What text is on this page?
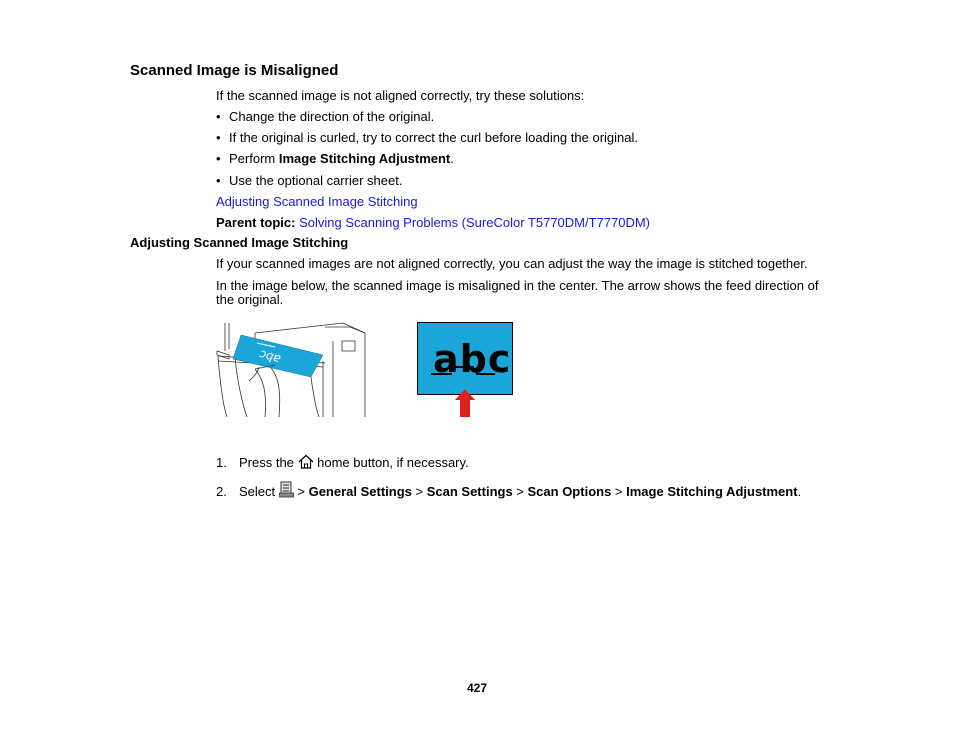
Scanned Image is Misaligned
If the scanned image is not aligned correctly, try these solutions:
• Change the direction of the original.
• If the original is curled, try to correct the curl before loading the original.
• Perform Image Stitching Adjustment.
• Use the optional carrier sheet.
Adjusting Scanned Image Stitching
Parent topic: Solving Scanning Problems (SureColor T5770DM/T7770DM)
Adjusting Scanned Image Stitching
If your scanned images are not aligned correctly, you can adjust the way the image is stitched together.
In the image below, the scanned image is misaligned in the center. The arrow shows the feed direction of the original.
abc	abc
1. Press the  home button, if necessary.
2. Select  > General Settings > Scan Settings > Scan Options > Image Stitching Adjustment.
427
